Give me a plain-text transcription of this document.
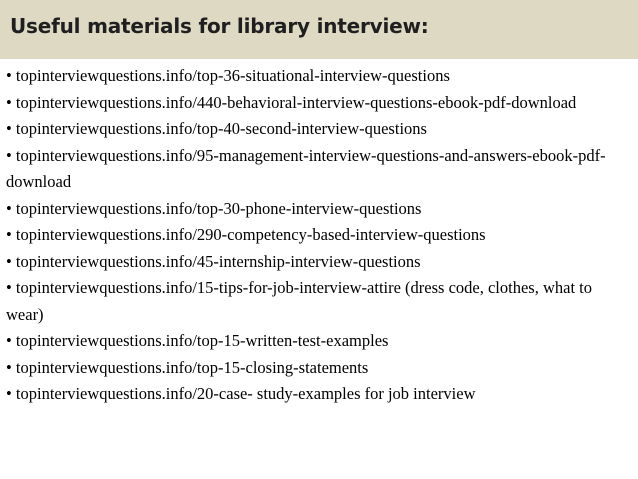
Useful materials for library interview:
• topinterviewquestions.info/top-36-situational-interview-questions
• topinterviewquestions.info/440-behavioral-interview-questions-ebook-pdf-download
• topinterviewquestions.info/top-40-second-interview-questions
• topinterviewquestions.info/95-management-interview-questions-and-answers-ebook-pdf-download
• topinterviewquestions.info/top-30-phone-interview-questions
• topinterviewquestions.info/290-competency-based-interview-questions
• topinterviewquestions.info/45-internship-interview-questions
• topinterviewquestions.info/15-tips-for-job-interview-attire (dress code, clothes, what to wear)
• topinterviewquestions.info/top-15-written-test-examples
• topinterviewquestions.info/top-15-closing-statements
• topinterviewquestions.info/20-case- study-examples for job interview
